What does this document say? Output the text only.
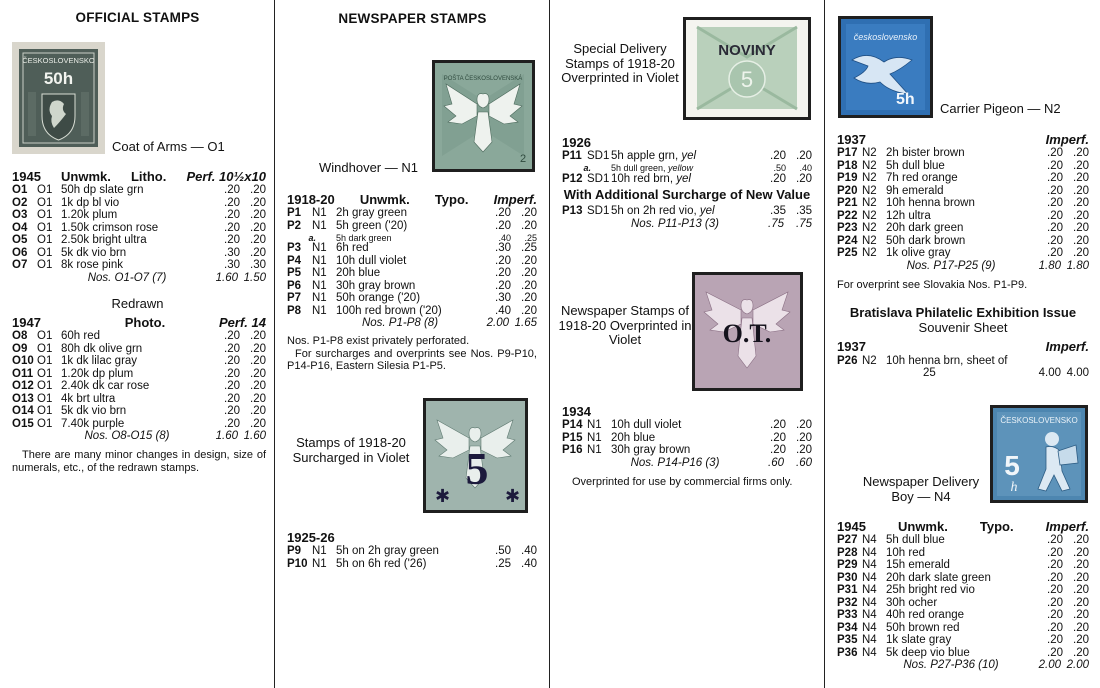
OFFICIAL STAMPS
ČESKOSLOVENSKO
50h
Coat of Arms — O1
1945 Unwmk. Litho. Perf. 10½x10
O1 O1 50h dp slate grn	.20 .20
O2 O1 1k dp bl vio	.20 .20
O3 O1 1.20k plum	.20 .20
O4 O1 1.50k crimson rose	.20 .20
O5 O1 2.50k bright ultra	.20 .20
O6 O1 5k dk vio brn	.30 .20
O7 O1 8k rose pink	.30 .30
Nos. O1-O7 (7)	1.60 1.50
Redrawn
1947	Photo.	Perf. 14
O8 O1 60h red	.20 .20
O9 O1 80h dk olive grn	.20 .20
O10 O1 1k dk lilac gray	.20 .20
O11 O1 1.20k dp plum	.20 .20
O12 O1 2.40k dk car rose	.20 .20
O13 O1 4k brt ultra	.20 .20
O14 O1 5k dk vio brn	.20 .20
O15 O1 7.40k purple	.20 .20
Nos. O8-O15 (8)	1.60 1.60
There are many minor changes in design, size of numerals, etc., of the redrawn stamps.
NEWSPAPER STAMPS
POŠTA ČESKOSLOVENSKÁ
2
Windhover — N1
1918-20 Unwmk. Typo. Imperf.
P1 N1 2h gray green	.20 .20
P2 N1 5h green ('20)	.20 .20
a.	5h dark green	.40	.25
P3 N1 6h red	.30 .25
P4 N1 10h dull violet	.20 .20
P5 N1 20h blue	.20 .20
P6 N1 30h gray brown	.20 .20
P7 N1 50h orange ('20)	.30 .20
P8 N1 100h red brown ('20)	.40 .20
Nos. P1-P8 (8)	2.00 1.65
Nos. P1-P8 exist privately perforated.
For surcharges and overprints see Nos. P9-P10, P14-P16, Eastern Silesia P1-P5.
5
✱	✱
Stamps of 1918-20 Surcharged in Violet
1925-26
P9 N1 5h on 2h gray green	.50 .40
P10 N1 5h on 6h red ('26)	.25 .40
Special Delivery Stamps of 1918-20 Overprinted in Violet	5
NOVINY
1926
P11 SD1 5h apple grn, yel	.20 .20
a.	5h dull green, yellow	.50	.40
P12 SD1 10h red brn, yel	.20 .20
With Additional Surcharge of New Value
P13 SD1 5h on 2h red vio, yel	.35 .35
Nos. P11-P13 (3)	.75	.75
Newspaper Stamps of 1918-20 Overprinted in Violet	O.T.
1934
P14 N1 10h dull violet	.20 .20
P15 N1 20h blue	.20 .20
P16 N1 30h gray brown	.20 .20
Nos. P14-P16 (3)	.60	.60
Overprinted for use by commercial firms only.
československo
5h
Carrier Pigeon — N2
1937	Imperf.
P17 N2 2h bister brown	.20 .20
P18 N2 5h dull blue	.20 .20
P19 N2 7h red orange	.20 .20
P20 N2 9h emerald	.20 .20
P21 N2 10h henna brown	.20 .20
P22 N2 12h ultra	.20 .20
P23 N2 20h dark green	.20 .20
P24 N2 50h dark brown	.20 .20
P25 N2 1k olive gray	.20 .20
Nos. P17-P25 (9)	1.80 1.80
For overprint see Slovakia Nos. P1-P9.
Bratislava Philatelic Exhibition Issue
Souvenir Sheet
1937	Imperf.
P26 N2 10h henna brn, sheet of
25	4.00 4.00
Newspaper Delivery Boy — N4
ČESKOSLOVENSKO
5
h
1945 Unwmk. Typo. Imperf.
P27 N4 5h dull blue	.20 .20
P28 N4 10h red	.20 .20
P29 N4 15h emerald	.20 .20
P30 N4 20h dark slate green	.20 .20
P31 N4 25h bright red vio	.20 .20
P32 N4 30h ocher	.20 .20
P33 N4 40h red orange	.20 .20
P34 N4 50h brown red	.20 .20
P35 N4 1k slate gray	.20 .20
P36 N4 5k deep vio blue	.20 .20
Nos. P27-P36 (10)	2.00 2.00
